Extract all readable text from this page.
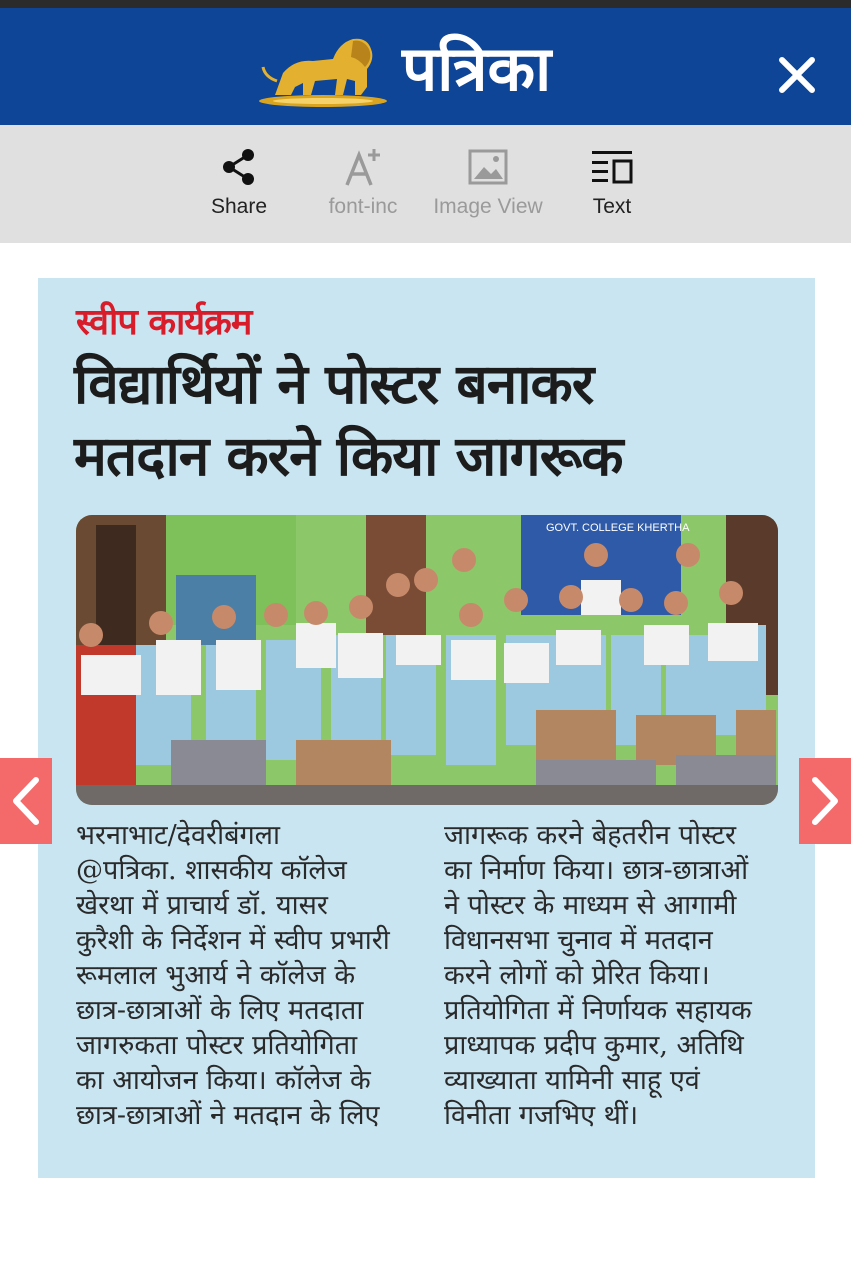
पत्रिका
Share	font-inc	Image View	Text
स्वीप कार्यक्रम
विद्यार्थियों ने पोस्टर बनाकर
मतदान करने किया जागरूक
GOVT. COLLEGE KHERTHA

भरनाभाट/देवरीबंगला

@पत्रिका. शासकीय कॉलेज

खेरथा में प्राचार्य डॉ. यासर

कुरैशी के निर्देशन में स्वीप प्रभारी

रूमलाल भुआर्य ने कॉलेज के

छात्र-छात्राओं के लिए मतदाता

जागरुकता पोस्टर प्रतियोगिता

का आयोजन किया। कॉलेज के

छात्र-छात्राओं ने मतदान के लिए

जागरूक करने बेहतरीन पोस्टर

का निर्माण किया। छात्र-छात्राओं

ने पोस्टर के माध्यम से आगामी

विधानसभा चुनाव में मतदान

करने लोगों को प्रेरित किया।

प्रतियोगिता में निर्णायक सहायक

प्राध्यापक प्रदीप कुमार, अतिथि

व्याख्याता यामिनी साहू एवं

विनीता गजभिए थीं।
